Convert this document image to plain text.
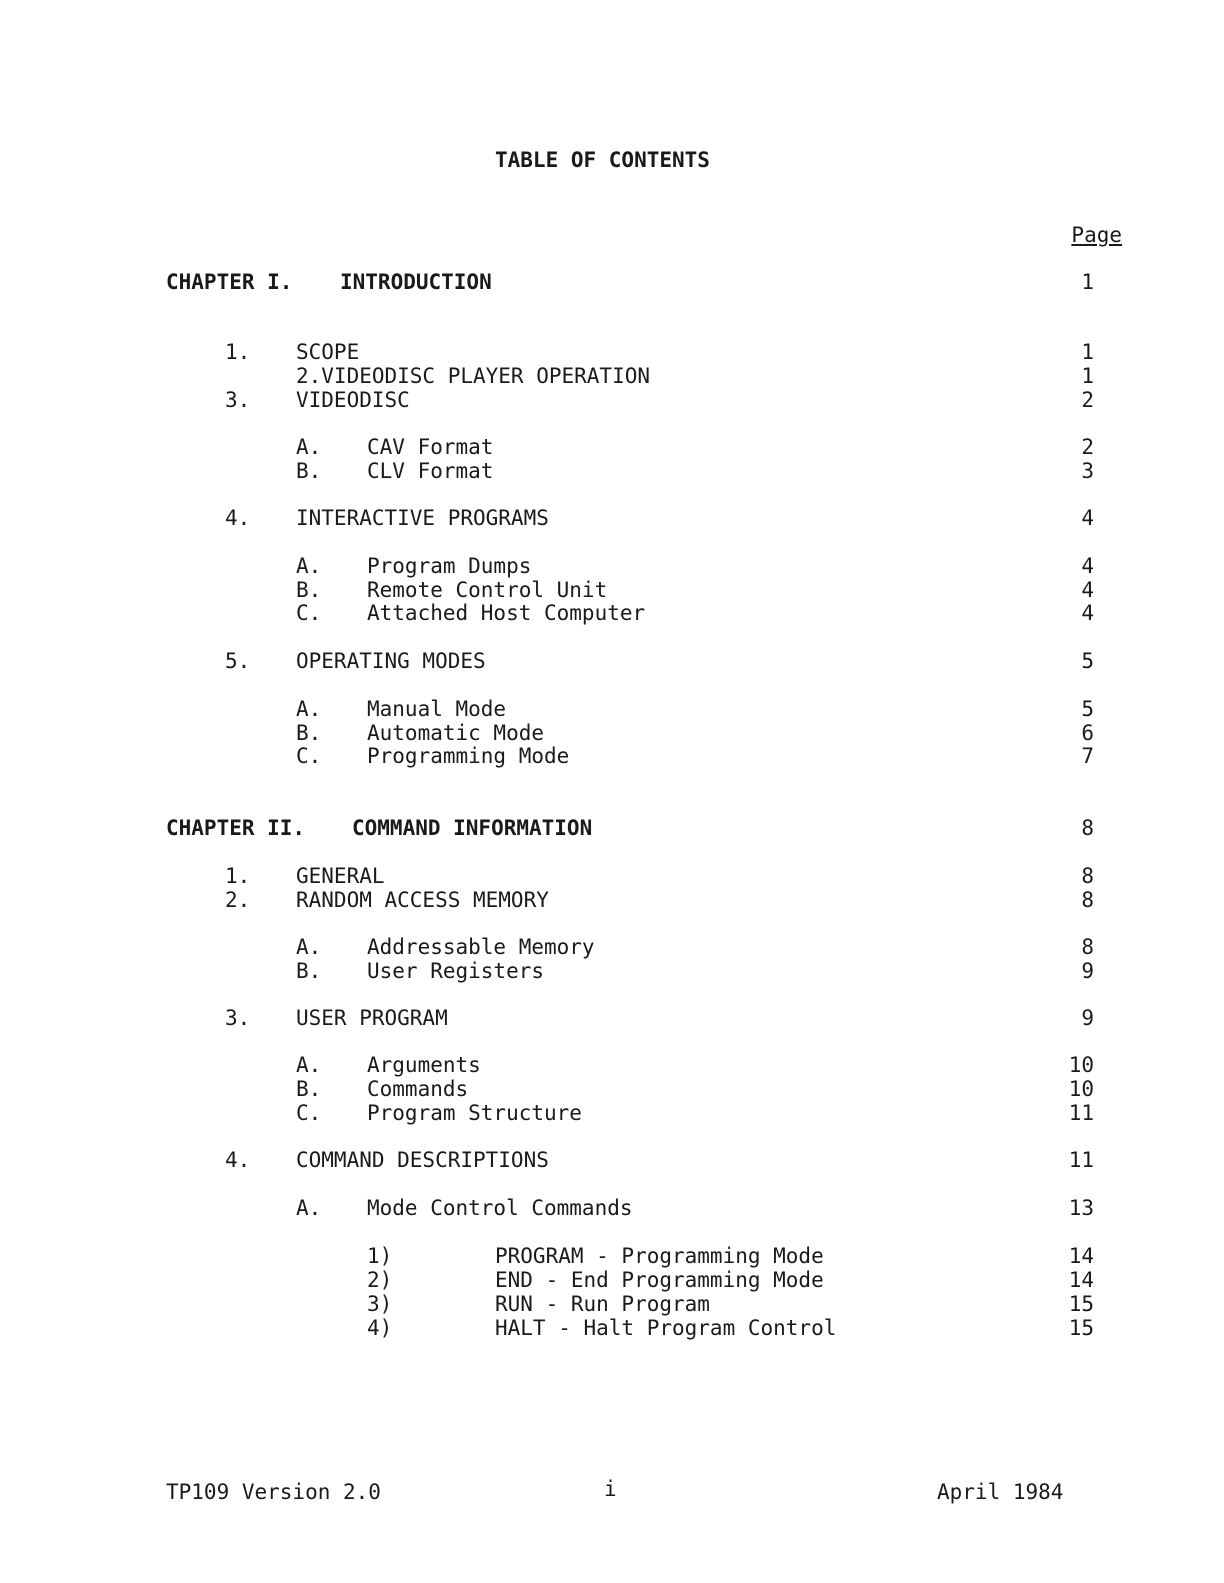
TABLE OF CONTENTS
Page
CHAPTER I. INTRODUCTION	1
1. SCOPE	1
2.VIDEODISC PLAYER OPERATION	1
3. VIDEODISC	2
A. CAV Format	2
B. CLV Format	3
4. INTERACTIVE PROGRAMS	4
A. Program Dumps	4
B. Remote Control Unit	4
C. Attached Host Computer	4
5. OPERATING MODES	5
A. Manual Mode	5
B. Automatic Mode	6
C. Programming Mode	7
CHAPTER II. COMMAND INFORMATION	8
1. GENERAL	8
2. RANDOM ACCESS MEMORY	8
A. Addressable Memory	8
B. User Registers	9
3. USER PROGRAM	9
A. Arguments	10
B. Commands	10
C. Program Structure	11
4. COMMAND DESCRIPTIONS	11
A. Mode Control Commands	13
1)	PROGRAM - Programming Mode	14
2)	END - End Programming Mode	14
3)	RUN - Run Program	15
4)	HALT - Halt Program Control	15
TP109 Version 2.0	i	April 1984
